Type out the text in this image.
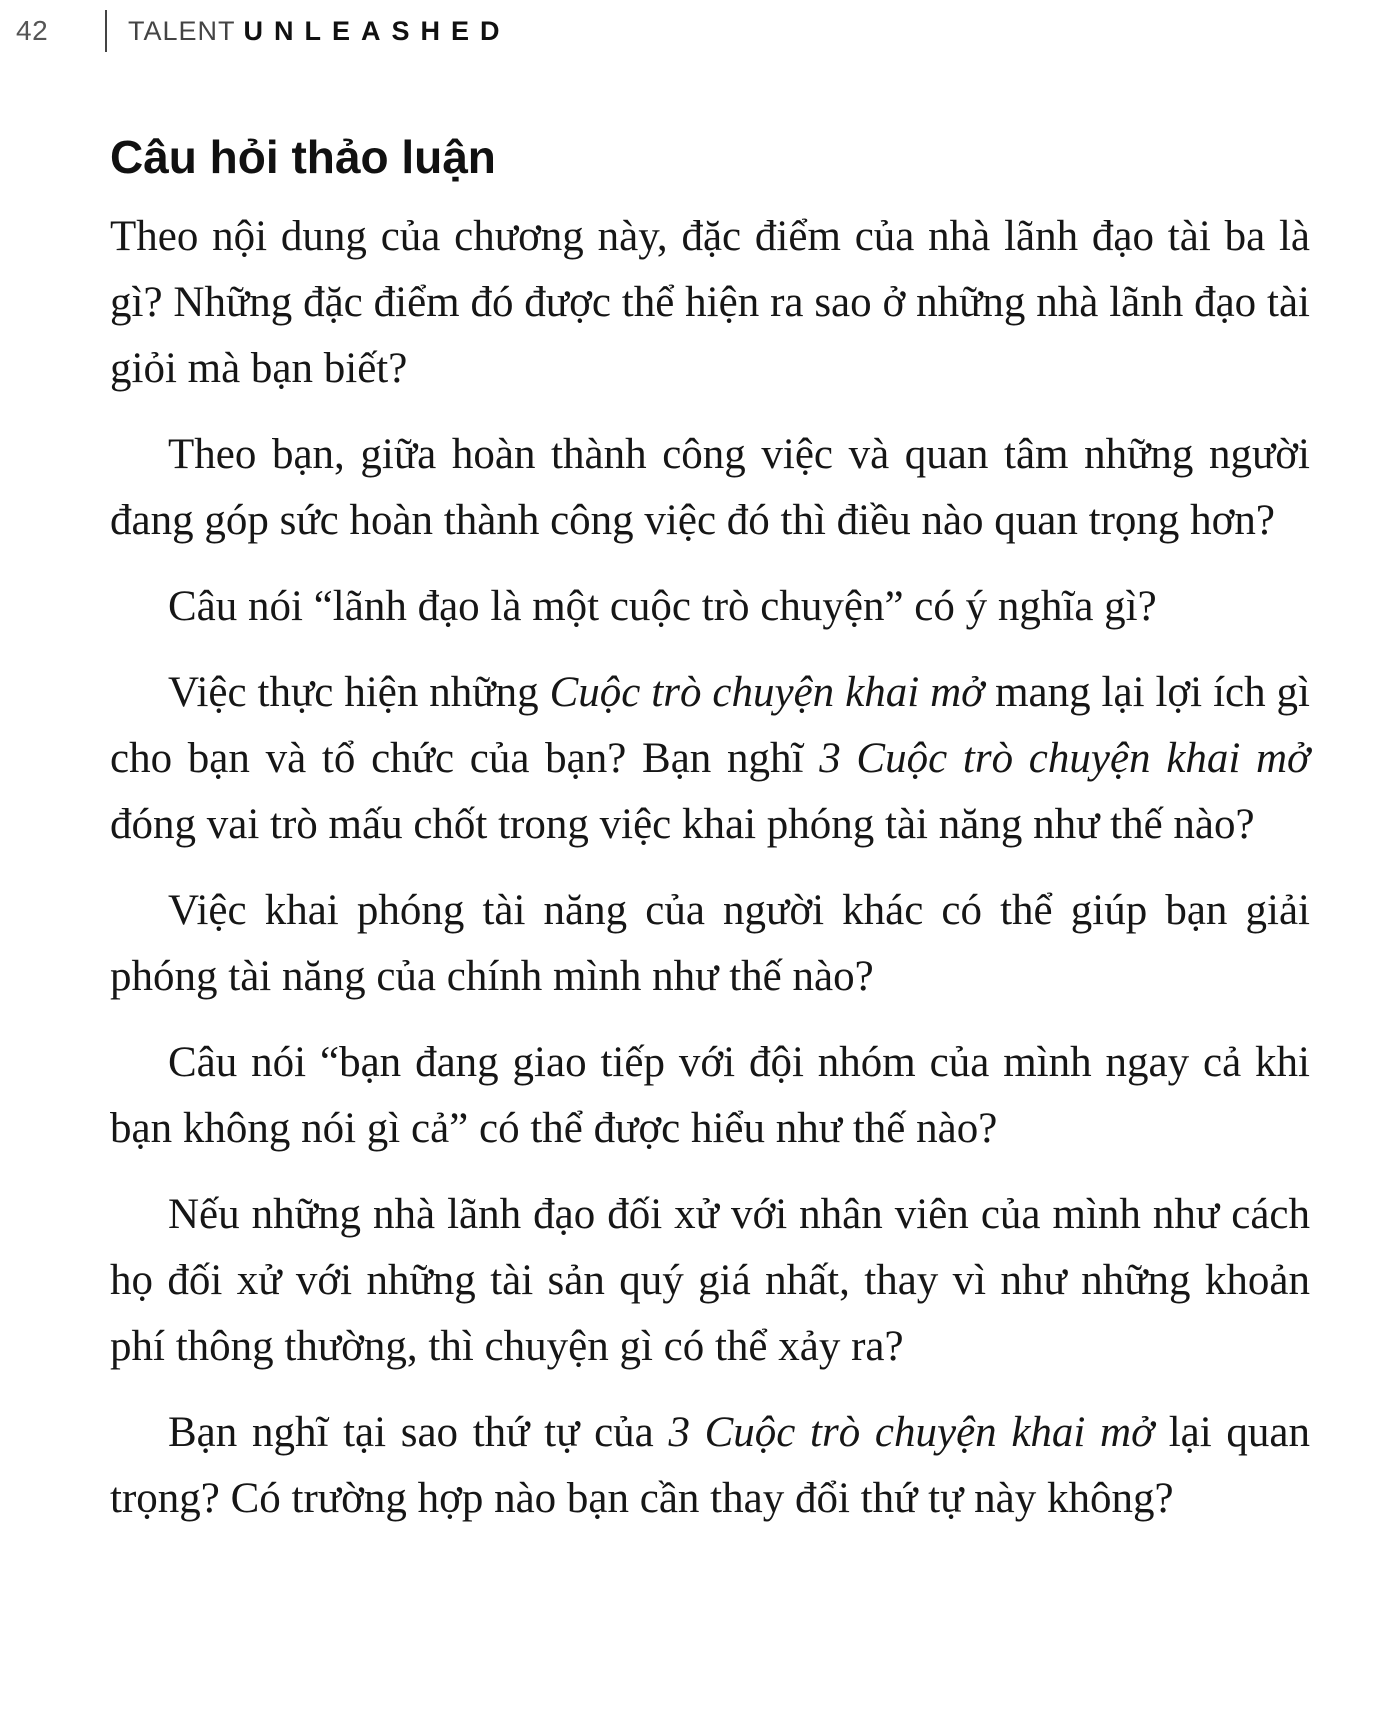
42	TALENT UNLEASHED
Câu hỏi thảo luận

Theo nội dung của chương này, đặc điểm của nhà lãnh đạo tài ba là gì? Những đặc điểm đó được thể hiện ra sao ở những nhà lãnh đạo tài giỏi mà bạn biết?

Theo bạn, giữa hoàn thành công việc và quan tâm những người đang góp sức hoàn thành công việc đó thì điều nào quan trọng hơn?

Câu nói “lãnh đạo là một cuộc trò chuyện” có ý nghĩa gì?

Việc thực hiện những Cuộc trò chuyện khai mở mang lại lợi ích gì cho bạn và tổ chức của bạn? Bạn nghĩ 3 Cuộc trò chuyện khai mở đóng vai trò mấu chốt trong việc khai phóng tài năng như thế nào?

Việc khai phóng tài năng của người khác có thể giúp bạn giải phóng tài năng của chính mình như thế nào?

Câu nói “bạn đang giao tiếp với đội nhóm của mình ngay cả khi bạn không nói gì cả” có thể được hiểu như thế nào?

Nếu những nhà lãnh đạo đối xử với nhân viên của mình như cách họ đối xử với những tài sản quý giá nhất, thay vì như những khoản phí thông thường, thì chuyện gì có thể xảy ra?

Bạn nghĩ tại sao thứ tự của 3 Cuộc trò chuyện khai mở lại quan trọng? Có trường hợp nào bạn cần thay đổi thứ tự này không?
